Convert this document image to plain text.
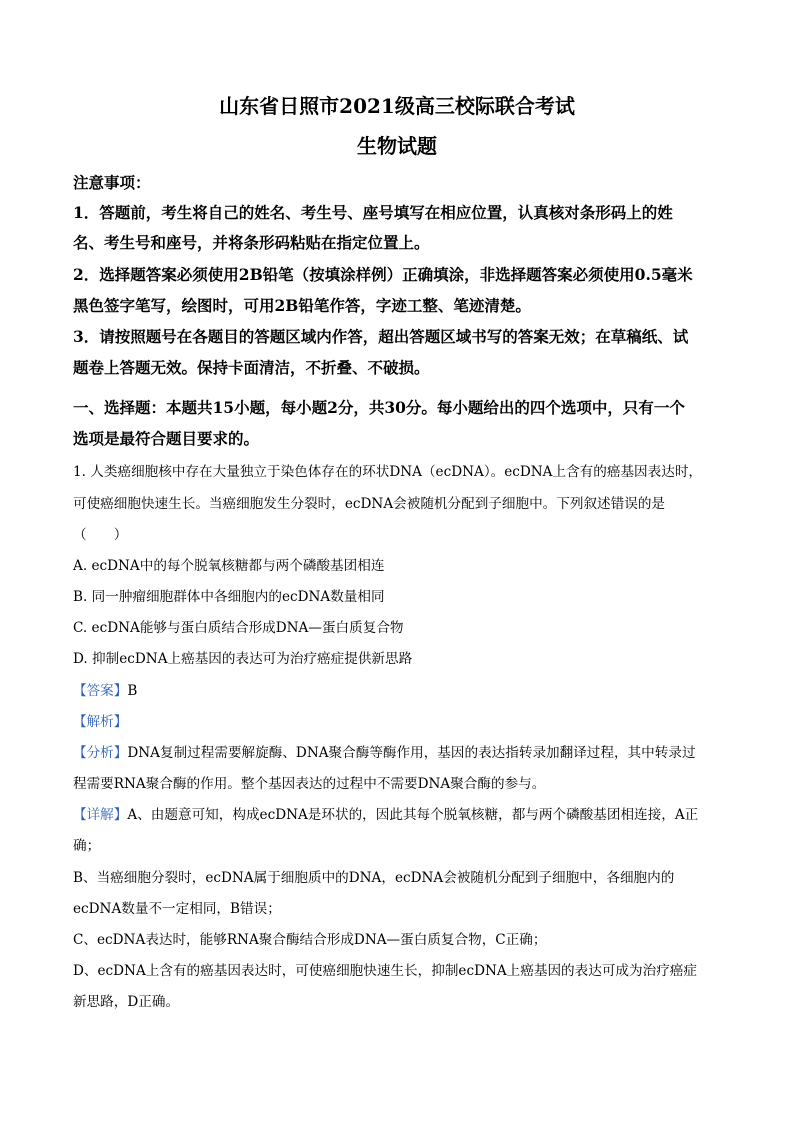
山东省日照市2021级高三校际联合考试
生物试题
注意事项：
1．答题前，考生将自己的姓名、考生号、座号填写在相应位置，认真核对条形码上的姓
名、考生号和座号，并将条形码粘贴在指定位置上。
2．选择题答案必须使用2B铅笔（按填涂样例）正确填涂，非选择题答案必须使用0.5毫米
黑色签字笔写，绘图时，可用2B铅笔作答，字迹工整、笔迹清楚。
3．请按照题号在各题目的答题区域内作答，超出答题区域书写的答案无效；在草稿纸、试
题卷上答题无效。保持卡面清洁，不折叠、不破损。
一、选择题：本题共15小题，每小题2分，共30分。每小题给出的四个选项中，只有一个
选项是最符合题目要求的。
1. 人类癌细胞核中存在大量独立于染色体存在的环状DNA（ecDNA）。ecDNA上含有的癌基因表达时，
可使癌细胞快速生长。当癌细胞发生分裂时，ecDNA会被随机分配到子细胞中。下列叙述错误的是
（　　）
A. ecDNA中的每个脱氧核糖都与两个磷酸基团相连
B. 同一肿瘤细胞群体中各细胞内的ecDNA数量相同
C. ecDNA能够与蛋白质结合形成DNA—蛋白质复合物
D. 抑制ecDNA上癌基因的表达可为治疗癌症提供新思路
【答案】B
【解析】
【分析】DNA复制过程需要解旋酶、DNA聚合酶等酶作用，基因的表达指转录加翻译过程，其中转录过
程需要RNA聚合酶的作用。整个基因表达的过程中不需要DNA聚合酶的参与。
【详解】A、由题意可知，构成ecDNA是环状的，因此其每个脱氧核糖，都与两个磷酸基团相连接，A正
确；
B、当癌细胞分裂时，ecDNA属于细胞质中的DNA，ecDNA会被随机分配到子细胞中，各细胞内的
ecDNA数量不一定相同，B错误；
C、ecDNA表达时，能够RNA聚合酶结合形成DNA—蛋白质复合物，C正确；
D、ecDNA上含有的癌基因表达时，可使癌细胞快速生长，抑制ecDNA上癌基因的表达可成为治疗癌症
新思路，D正确。
